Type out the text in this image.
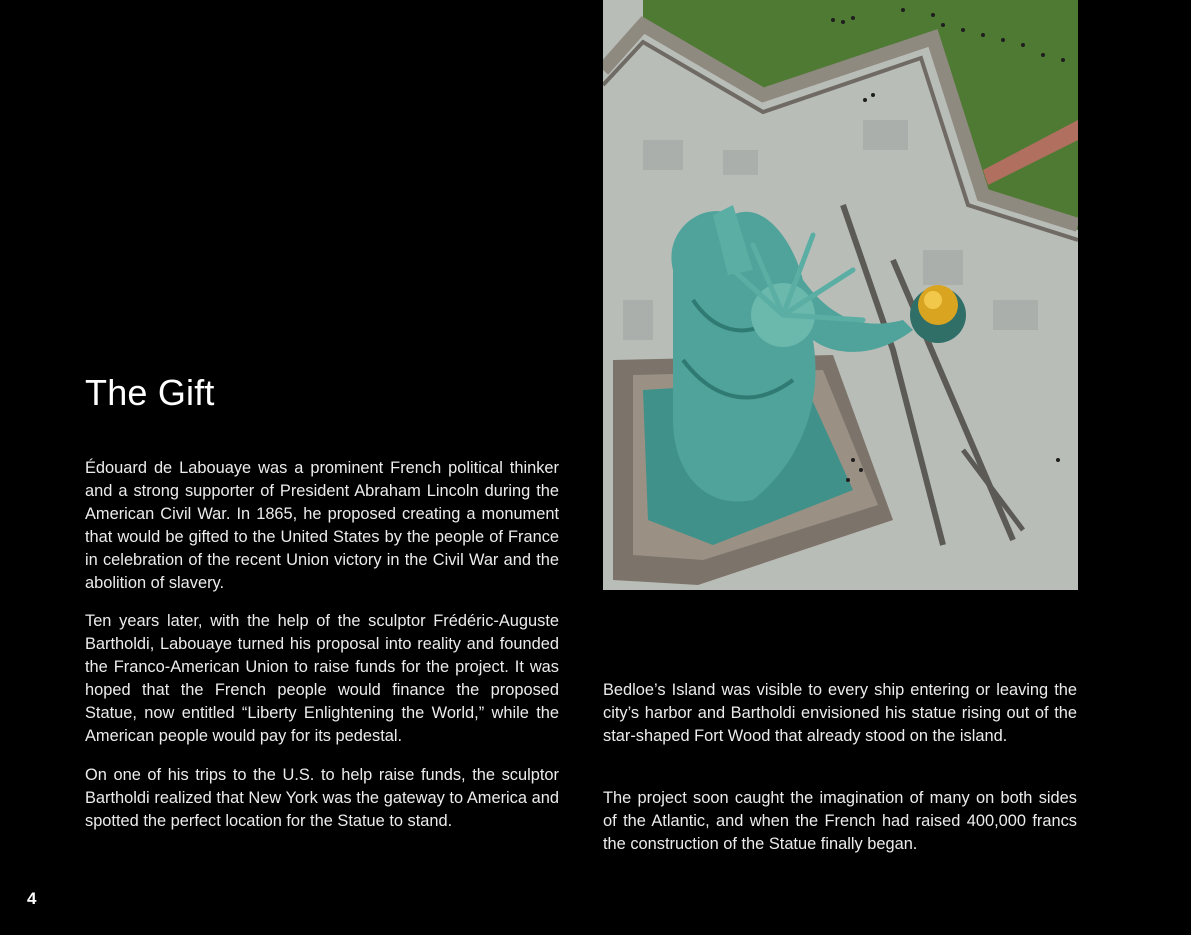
The Gift

Édouard de Labouaye was a prominent French political thinker and a strong supporter of President Abraham Lincoln during the American Civil War. In 1865, he proposed creating a monument that would be gifted to the United States by the people of France in celebration of the recent Union victory in the Civil War and the abolition of slavery.

Ten years later, with the help of the sculptor Frédéric-Auguste Bartholdi, Labouaye turned his proposal into reality and founded the Franco-American Union to raise funds for the project. It was hoped that the French people would finance the proposed Statue, now entitled “Liberty Enlightening the World,” while the American people would pay for its pedestal.

On one of his trips to the U.S. to help raise funds, the sculptor Bartholdi realized that New York was the gateway to America and spotted the perfect location for the Statue to stand.

Bedloe’s Island was visible to every ship entering or leaving the city’s harbor and Bartholdi envisioned his statue rising out of the star-shaped Fort Wood that already stood on the island.

The project soon caught the imagination of many on both sides of the Atlantic, and when the French had raised 400,000 francs the construction of the Statue finally began.

4
